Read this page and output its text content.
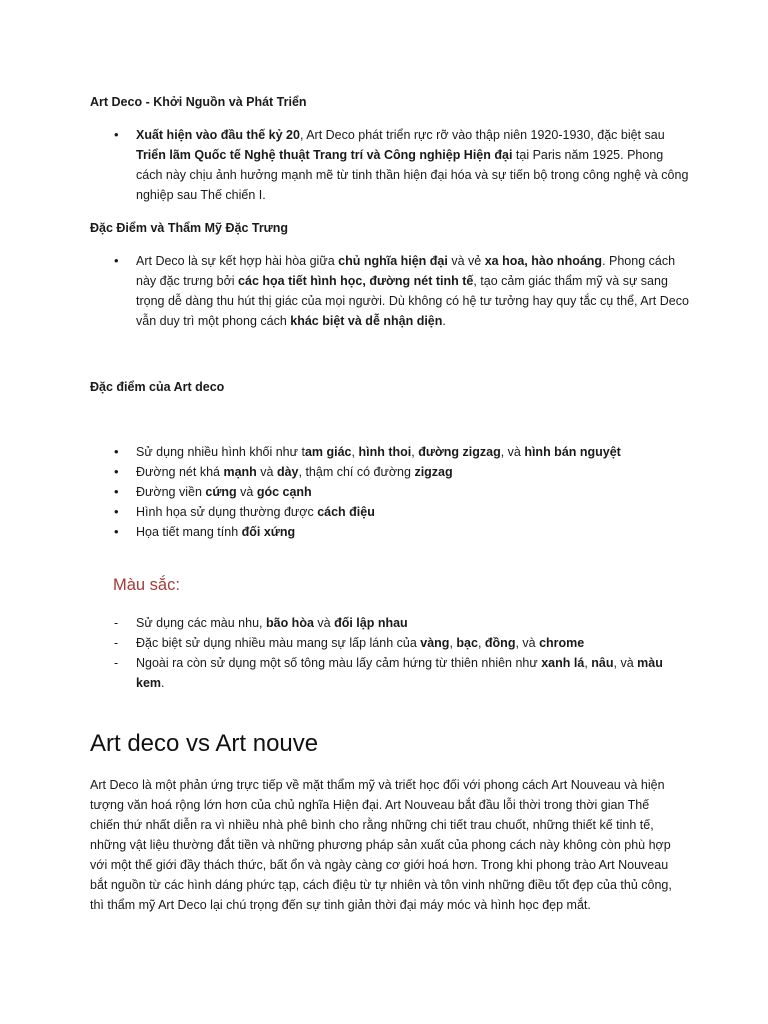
Art Deco - Khởi Nguồn và Phát Triển
• Xuất hiện vào đầu thế kỷ 20, Art Deco phát triển rực rỡ vào thập niên 1920-1930, đặc biệt sau Triển lãm Quốc tế Nghệ thuật Trang trí và Công nghiệp Hiện đại tại Paris năm 1925. Phong cách này chịu ảnh hưởng mạnh mẽ từ tinh thần hiện đại hóa và sự tiến bộ trong công nghệ và công nghiệp sau Thế chiến I.
Đặc Điểm và Thẩm Mỹ Đặc Trưng
• Art Deco là sự kết hợp hài hòa giữa chủ nghĩa hiện đại và vẻ xa hoa, hào nhoáng. Phong cách này đặc trưng bởi các họa tiết hình học, đường nét tinh tế, tạo cảm giác thẩm mỹ và sự sang trọng dễ dàng thu hút thị giác của mọi người. Dù không có hệ tư tưởng hay quy tắc cụ thể, Art Deco vẫn duy trì một phong cách khác biệt và dễ nhận diện.
Đặc điểm của Art deco
• Sử dụng nhiều hình khối như tam giác, hình thoi, đường zigzag, và hình bán nguyệt
• Đường nét khá mạnh và dày, thậm chí có đường zigzag
• Đường viền cứng và góc cạnh
• Hình họa sử dụng thường được cách điệu
• Họa tiết mang tính đối xứng
Màu sắc:
- Sử dụng các màu nhu, bão hòa và đối lập nhau
- Đặc biệt sử dụng nhiều màu mang sự lấp lánh của vàng, bạc, đồng, và chrome
- Ngoài ra còn sử dụng một số tông màu lấy cảm hứng từ thiên nhiên như xanh lá, nâu, và màu kem.
Art deco vs Art nouve
Art Deco là một phản ứng trực tiếp về mặt thẩm mỹ và triết học đối với phong cách Art Nouveau và hiện tượng văn hoá rộng lớn hơn của chủ nghĩa Hiện đại. Art Nouveau bắt đầu lỗi thời trong thời gian Thế chiến thứ nhất diễn ra vì nhiều nhà phê bình cho rằng những chi tiết trau chuốt, những thiết kế tinh tế, những vật liệu thường đắt tiền và những phương pháp sản xuất của phong cách này không còn phù hợp với một thế giới đầy thách thức, bất ổn và ngày càng cơ giới hoá hơn. Trong khi phong trào Art Nouveau bắt nguồn từ các hình dáng phức tạp, cách điệu từ tự nhiên và tôn vinh những điều tốt đẹp của thủ công, thì thẩm mỹ Art Deco lại chú trọng đến sự tinh giản thời đại máy móc và hình học đẹp mắt.
